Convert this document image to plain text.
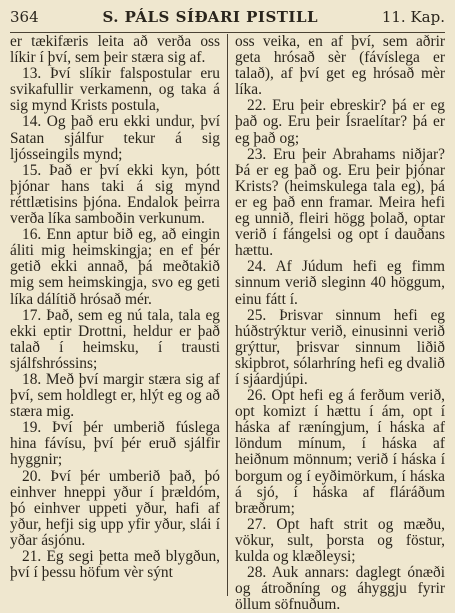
364	S. PÁLS SÍÐARI PISTILL	11. Kap.

er tækifæris leita að verða oss líkir í því, sem þeir stæra sig af.

13. Því slíkir falspostular eru svikafullir verkamenn, og taka á sig mynd Krists postula,

14. Og það eru ekki undur, því Satan sjálfur tekur á sig ljósseingils mynd;

15. Það er því ekki kyn, þótt þjónar hans taki á sig mynd réttlætisins þjóna. Endalok þeirra verða líka samboðin verkunum.

16. Enn aptur bið eg, að eingin áliti mig heimskingja; en ef þér getið ekki annað, þá meðtakið mig sem heimskingja, svo eg geti líka dálítið hrósað mér.

17. Það, sem eg nú tala, tala eg ekki eptir Drottni, heldur er það talað í heimsku, í trausti sjálfshróssins;

18. Með því margir stæra sig af því, sem holdlegt er, hlýt eg og að stæra mig.

19. Því þér umberið fúslega hina fávísu, því þér eruð sjálfir hyggnir;

20. Því þér umberið það, þó einhver hneppi yður í þrældóm, þó einhver uppeti yður, hafi af yður, hefji sig upp yfir yður, slái í yðar ásjónu.

21. Eg segi þetta með blygðun, því í þessu höfum vèr sýnt

oss veika, en af því, sem aðrir geta hrósað sèr (fávíslega er talað), af því get eg hrósað mèr líka.

22. Eru þeir ebreskir? þá er eg það og. Eru þeir Ísraelítar? þá er eg það og;

23. Eru þeir Abrahams niðjar? Þá er eg það og. Eru þeir þjónar Krists? (heimskulega tala eg), þá er eg það enn framar. Meira hefi eg unnið, fleiri högg þolað, optar verið í fángelsi og opt í dauðans hættu.

24. Af Júdum hefi eg fimm sinnum verið sleginn 40 höggum, einu fátt í.

25. Þrisvar sinnum hefi eg húðstrýktur verið, einusinni verið grýttur, þrisvar sinnum liðið skipbrot, sólarhríng hefi eg dvalið í sjáardjúpi.

26. Opt hefi eg á ferðum verið, opt komizt í hættu í ám, opt í háska af ræníngjum, í háska af löndum mínum, í háska af heiðnum mönnum; verið í háska í borgum og í eyðimörkum, í háska á sjó, í háska af fláráðum bræðrum;

27. Opt haft strit og mæðu, vökur, sult, þorsta og föstur, kulda og klæðleysi;

28. Auk annars: daglegt ónæði og átroðníng og áhyggju fyrir öllum söfnuðum.
